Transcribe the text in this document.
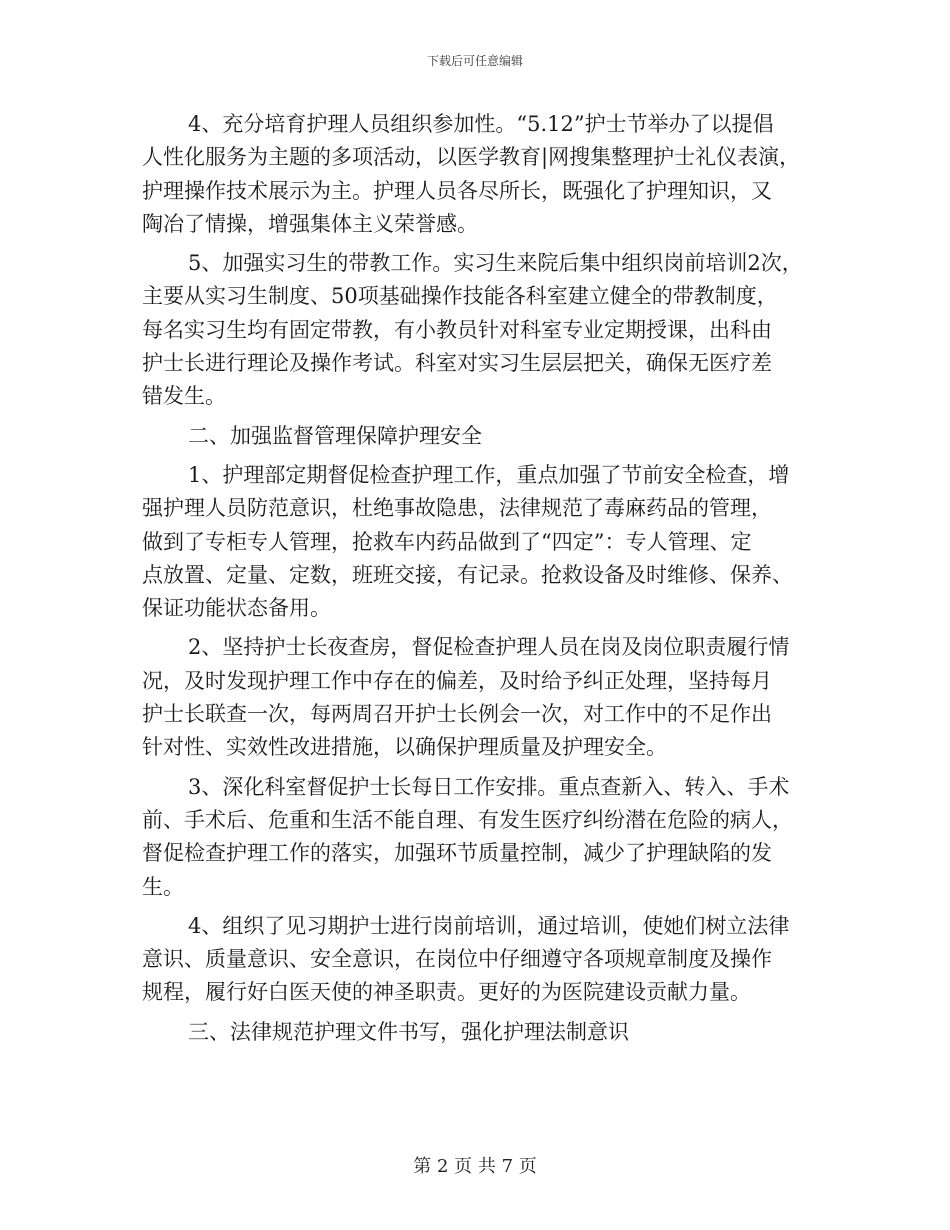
下载后可任意编辑
4、充分培育护理人员组织参加性。“5.12”护士节举办了以提倡
人性化服务为主题的多项活动，以医学教育|网搜集整理护士礼仪表演，
护理操作技术展示为主。护理人员各尽所长，既强化了护理知识，又
陶冶了情操，增强集体主义荣誉感。
5、加强实习生的带教工作。实习生来院后集中组织岗前培训2次，
主要从实习生制度、50项基础操作技能各科室建立健全的带教制度，
每名实习生均有固定带教，有小教员针对科室专业定期授课，出科由
护士长进行理论及操作考试。科室对实习生层层把关，确保无医疗差
错发生。
二、加强监督管理保障护理安全
1、护理部定期督促检查护理工作，重点加强了节前安全检查，增
强护理人员防范意识，杜绝事故隐患，法律规范了毒麻药品的管理，
做到了专柜专人管理，抢救车内药品做到了“四定”：专人管理、定
点放置、定量、定数，班班交接，有记录。抢救设备及时维修、保养、
保证功能状态备用。
2、坚持护士长夜查房，督促检查护理人员在岗及岗位职责履行情
况，及时发现护理工作中存在的偏差，及时给予纠正处理，坚持每月
护士长联查一次，每两周召开护士长例会一次，对工作中的不足作出
针对性、实效性改进措施，以确保护理质量及护理安全。
3、深化科室督促护士长每日工作安排。重点查新入、转入、手术
前、手术后、危重和生活不能自理、有发生医疗纠纷潜在危险的病人，
督促检查护理工作的落实，加强环节质量控制，减少了护理缺陷的发
生。
4、组织了见习期护士进行岗前培训，通过培训，使她们树立法律
意识、质量意识、安全意识，在岗位中仔细遵守各项规章制度及操作
规程，履行好白医天使的神圣职责。更好的为医院建设贡献力量。
三、法律规范护理文件书写，强化护理法制意识
第 2 页 共 7 页
